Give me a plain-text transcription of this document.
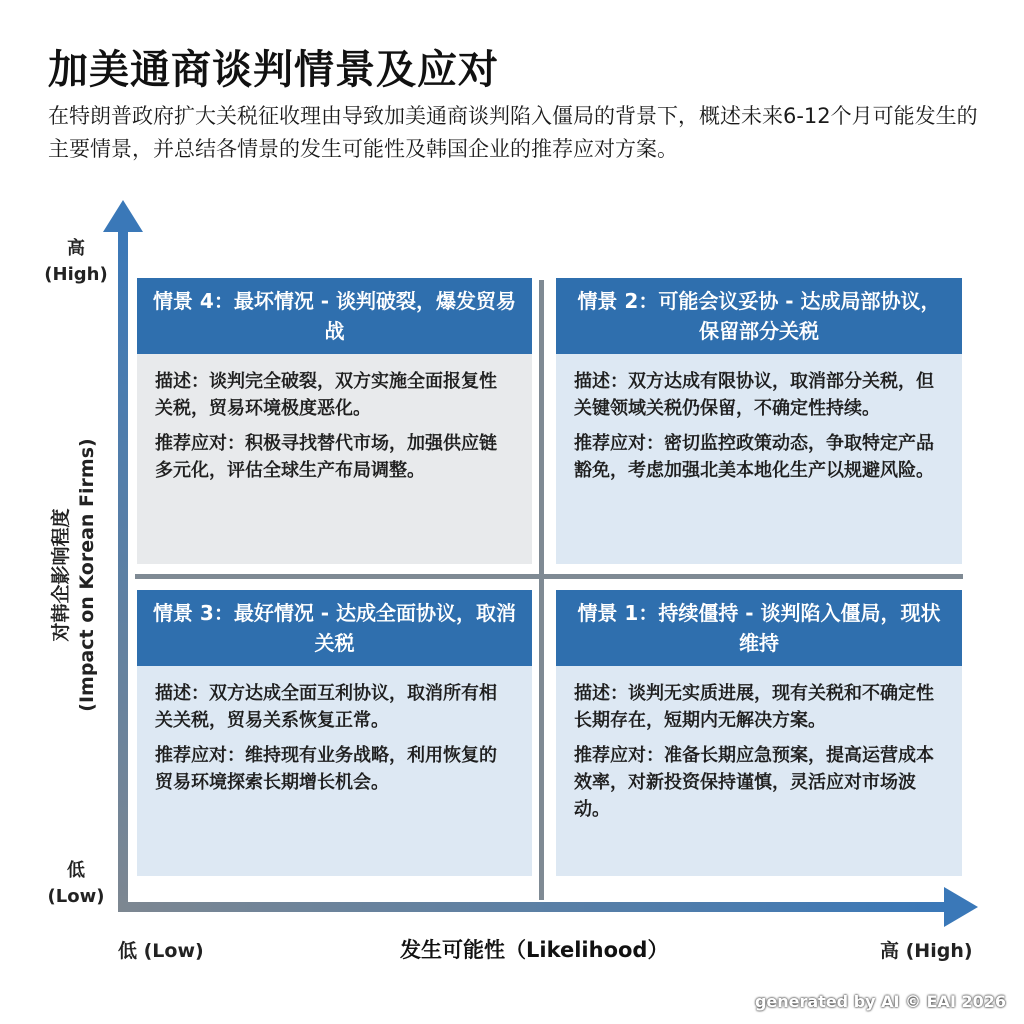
加美通商谈判情景及应对
在特朗普政府扩大关税征收理由导致加美通商谈判陷入僵局的背景下，概述未来6-12个月可能发生的主要情景，并总结各情景的发生可能性及韩国企业的推荐应对方案。
高
(High)
低
(Low)
对韩企影响程度 (Impact on Korean Firms)
低 (Low)	发生可能性（Likelihood）	高 (High)
情景 4：最坏情况 - 谈判破裂，爆发贸易战

描述：谈判完全破裂，双方实施全面报复性关税，贸易环境极度恶化。

推荐应对：积极寻找替代市场，加强供应链多元化，评估全球生产布局调整。

情景 2：可能会议妥协 - 达成局部协议，保留部分关税

描述：双方达成有限协议，取消部分关税，但关键领域关税仍保留，不确定性持续。

推荐应对：密切监控政策动态，争取特定产品豁免，考虑加强北美本地化生产以规避风险。

情景 3：最好情况 - 达成全面协议，取消关税

描述：双方达成全面互利协议，取消所有相关关税，贸易关系恢复正常。

推荐应对：维持现有业务战略，利用恢复的贸易环境探索长期增长机会。

情景 1：持续僵持 - 谈判陷入僵局，现状维持

描述：谈判无实质进展，现有关税和不确定性长期存在，短期内无解决方案。

推荐应对：准备长期应急预案，提高运营成本效率，对新投资保持谨慎，灵活应对市场波动。

generated by AI © EAI 2026
